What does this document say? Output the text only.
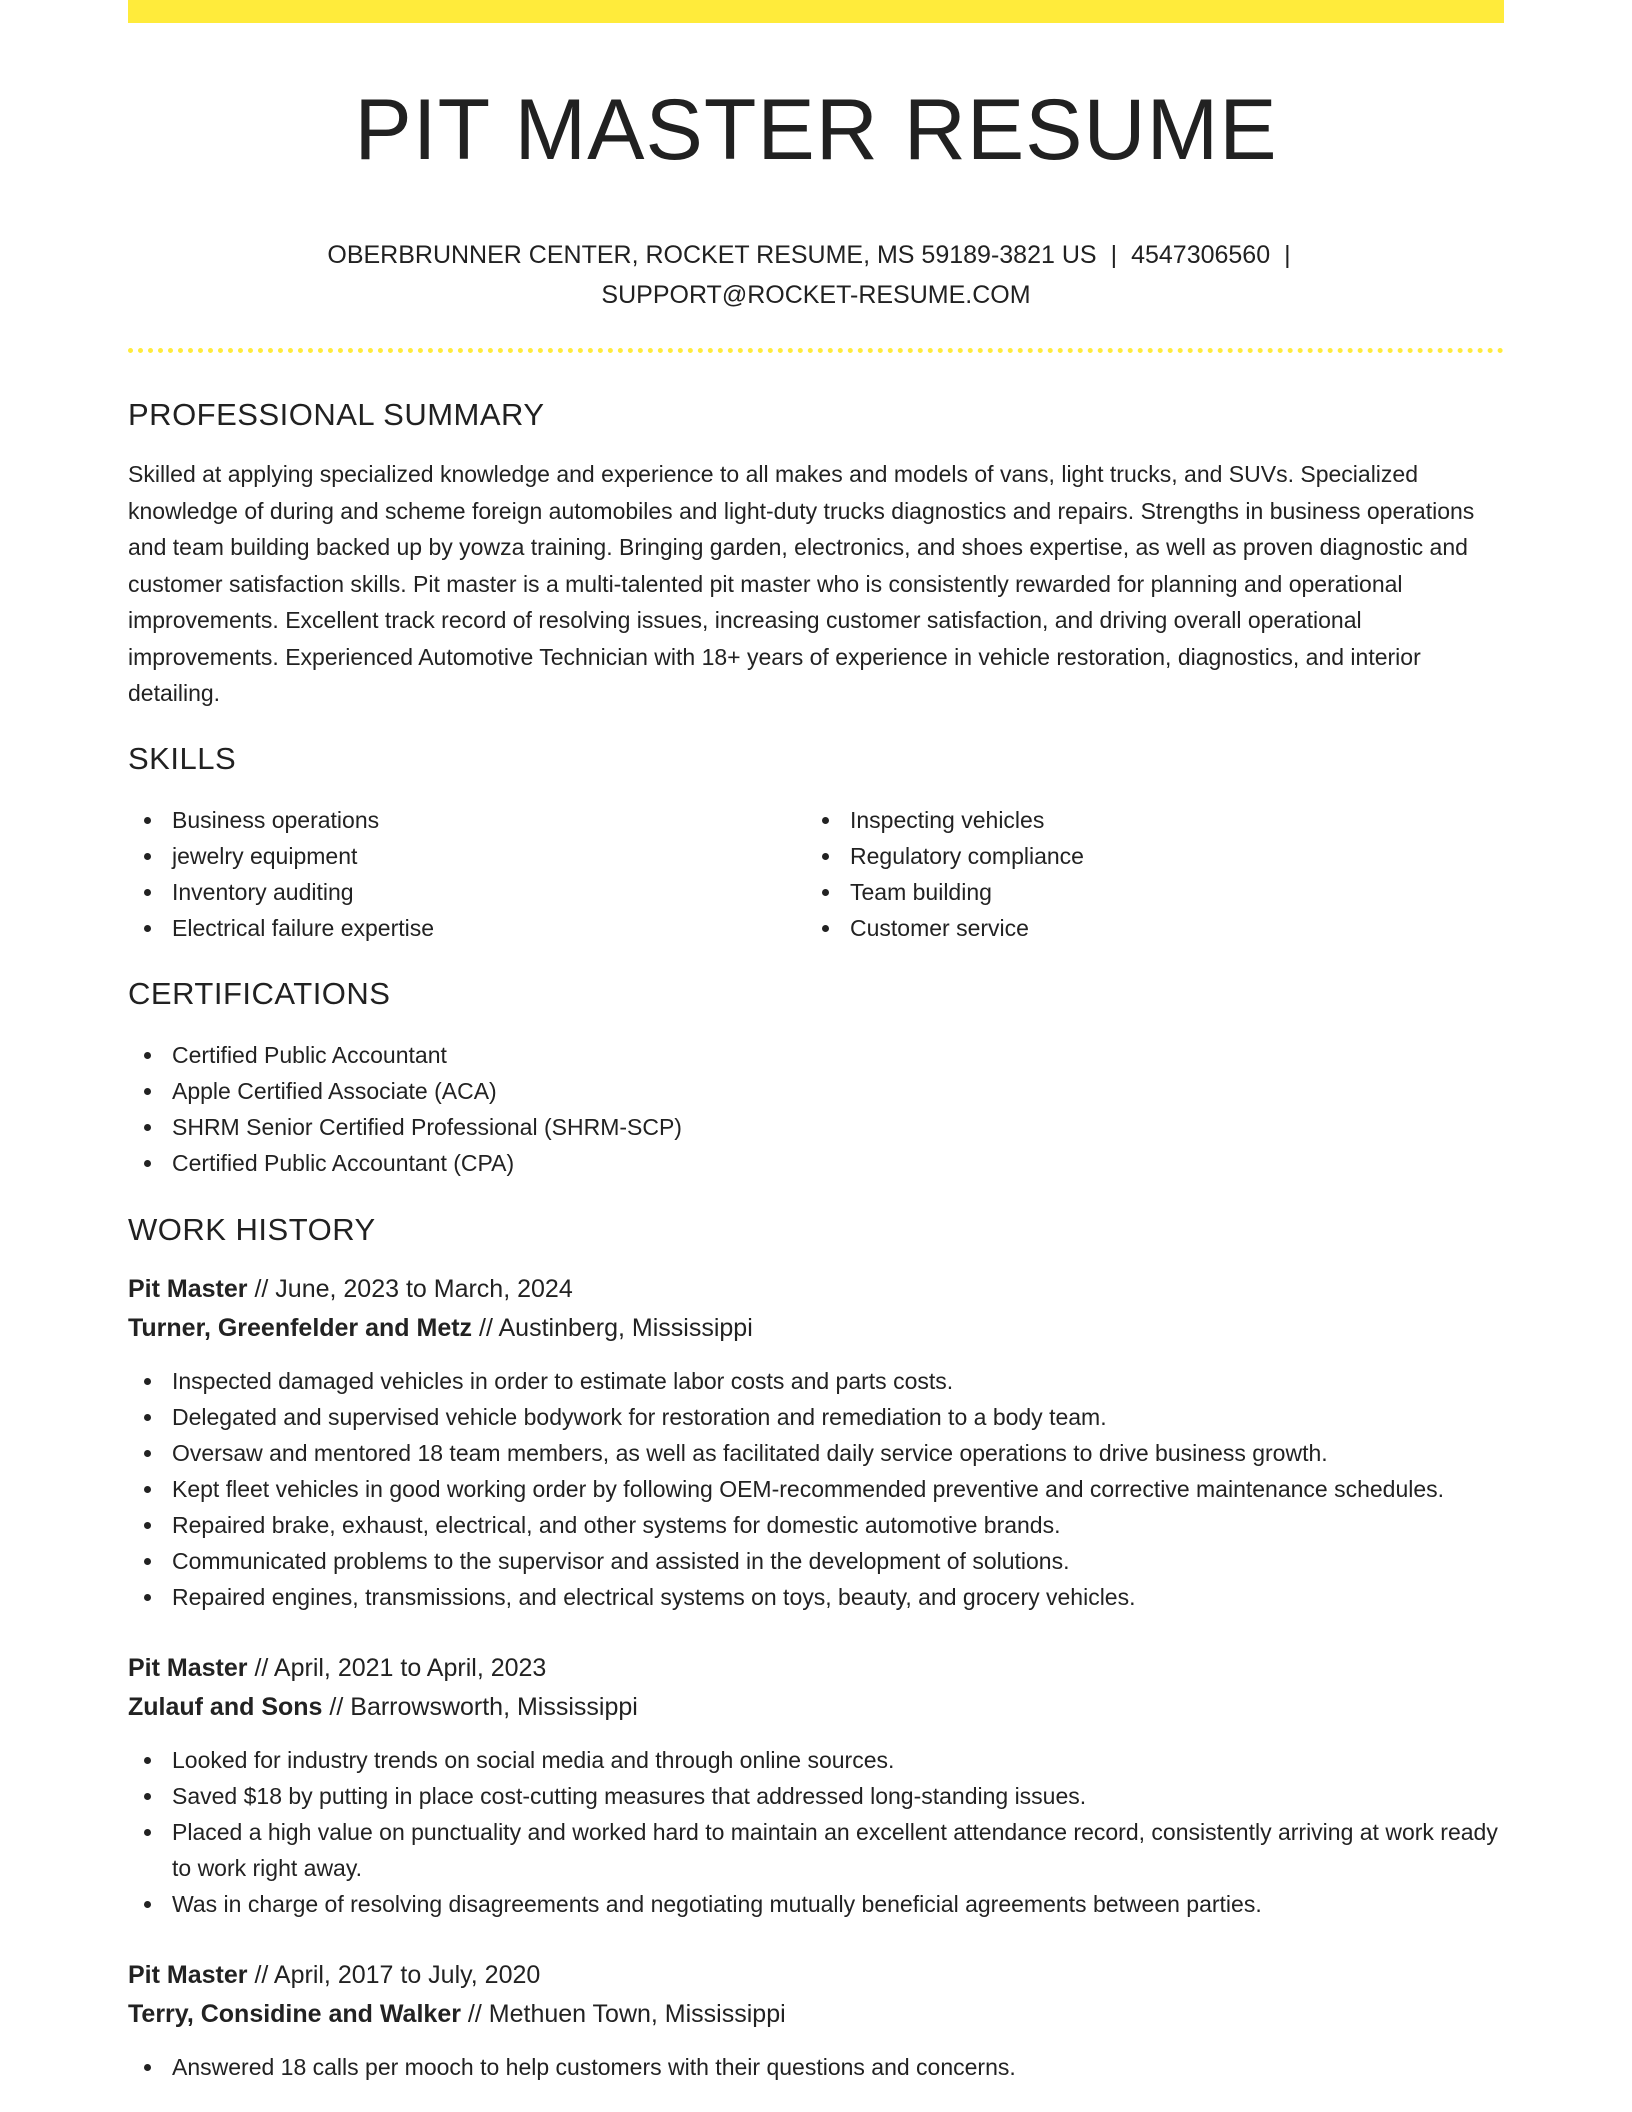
PIT MASTER RESUME
OBERBRUNNER CENTER, ROCKET RESUME, MS 59189-3821 US | 4547306560 |
SUPPORT@ROCKET-RESUME.COM
PROFESSIONAL SUMMARY

Skilled at applying specialized knowledge and experience to all makes and models of vans, light trucks, and SUVs. Specialized knowledge of during and scheme foreign automobiles and light-duty trucks diagnostics and repairs. Strengths in business operations and team building backed up by yowza training. Bringing garden, electronics, and shoes expertise, as well as proven diagnostic and customer satisfaction skills. Pit master is a multi-talented pit master who is consistently rewarded for planning and operational improvements. Excellent track record of resolving issues, increasing customer satisfaction, and driving overall operational improvements. Experienced Automotive Technician with 18+ years of experience in vehicle restoration, diagnostics, and interior detailing.

SKILLS
Business operations
jewelry equipment
Inventory auditing
Electrical failure expertise
Inspecting vehicles
Regulatory compliance
Team building
Customer service
CERTIFICATIONS
Certified Public Accountant
Apple Certified Associate (ACA)
SHRM Senior Certified Professional (SHRM-SCP)
Certified Public Accountant (CPA)
WORK HISTORY
Pit Master // June, 2023 to March, 2024
Turner, Greenfelder and Metz // Austinberg, Mississippi
Inspected damaged vehicles in order to estimate labor costs and parts costs.
Delegated and supervised vehicle bodywork for restoration and remediation to a body team.
Oversaw and mentored 18 team members, as well as facilitated daily service operations to drive business growth.
Kept fleet vehicles in good working order by following OEM-recommended preventive and corrective maintenance schedules.
Repaired brake, exhaust, electrical, and other systems for domestic automotive brands.
Communicated problems to the supervisor and assisted in the development of solutions.
Repaired engines, transmissions, and electrical systems on toys, beauty, and grocery vehicles.
Pit Master // April, 2021 to April, 2023
Zulauf and Sons // Barrowsworth, Mississippi
Looked for industry trends on social media and through online sources.
Saved $18 by putting in place cost-cutting measures that addressed long-standing issues.
Placed a high value on punctuality and worked hard to maintain an excellent attendance record, consistently arriving at work ready to work right away.
Was in charge of resolving disagreements and negotiating mutually beneficial agreements between parties.
Pit Master // April, 2017 to July, 2020
Terry, Considine and Walker // Methuen Town, Mississippi
Answered 18 calls per mooch to help customers with their questions and concerns.
